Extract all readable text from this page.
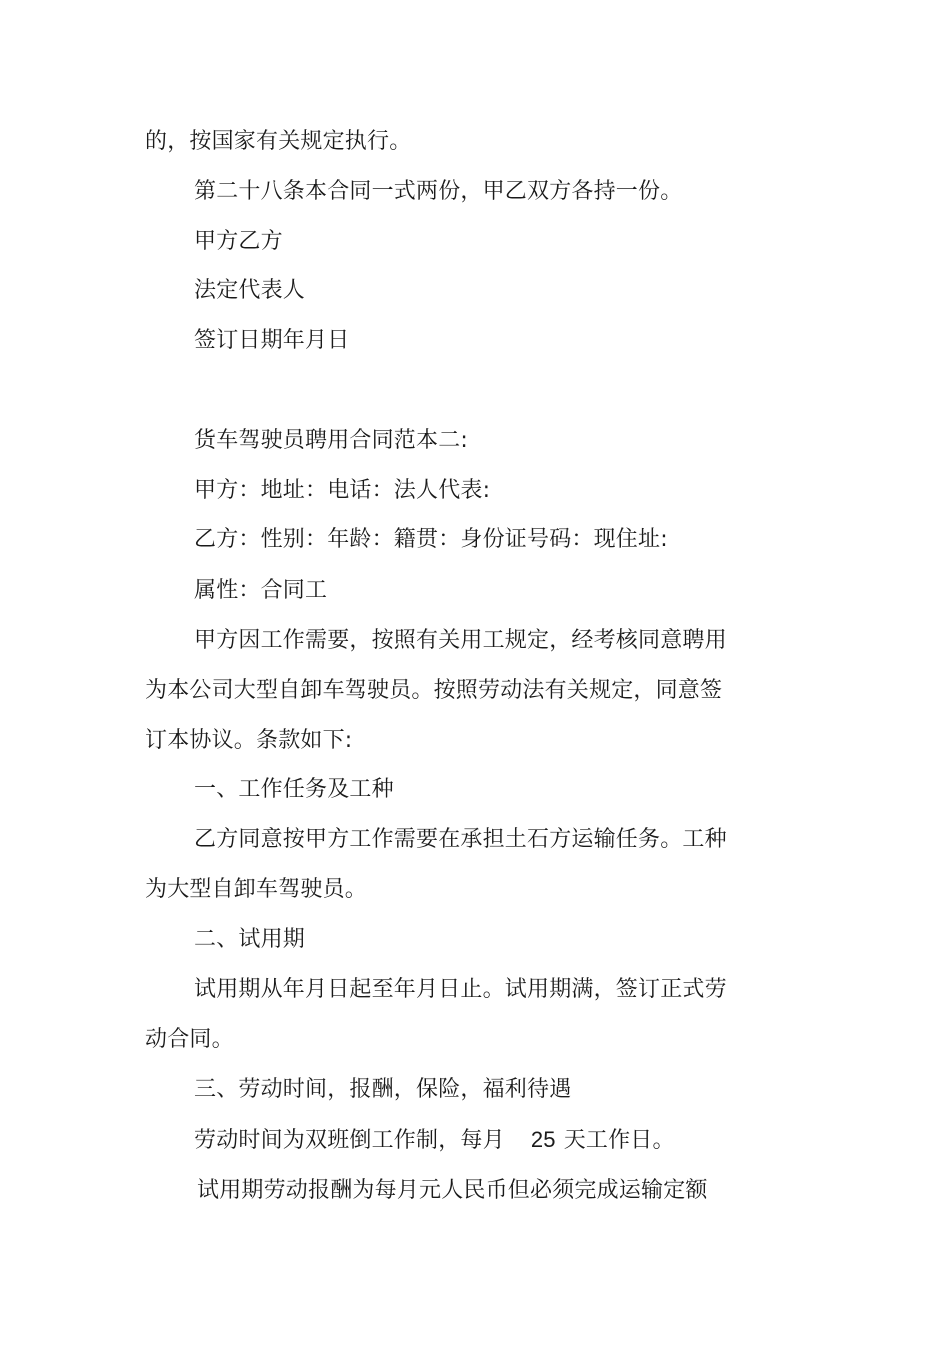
的，按国家有关规定执行。
第二十八条本合同一式两份，甲乙双方各持一份。
甲方乙方
法定代表人
签订日期年月日
货车驾驶员聘用合同范本二:
甲方：地址：电话：法人代表:
乙方：性别：年龄：籍贯：身份证号码：现住址:
属性：合同工
甲方因工作需要，按照有关用工规定，经考核同意聘用
为本公司大型自卸车驾驶员。按照劳动法有关规定，同意签
订本协议。条款如下:
一、工作任务及工种
乙方同意按甲方工作需要在承担土石方运输任务。工种
为大型自卸车驾驶员。
二、试用期
试用期从年月日起至年月日止。试用期满，签订正式劳
动合同。
三、劳动时间，报酬，保险，福利待遇
劳动时间为双班倒工作制，每月 25 天工作日。
试用期劳动报酬为每月元人民币但必须完成运输定额
